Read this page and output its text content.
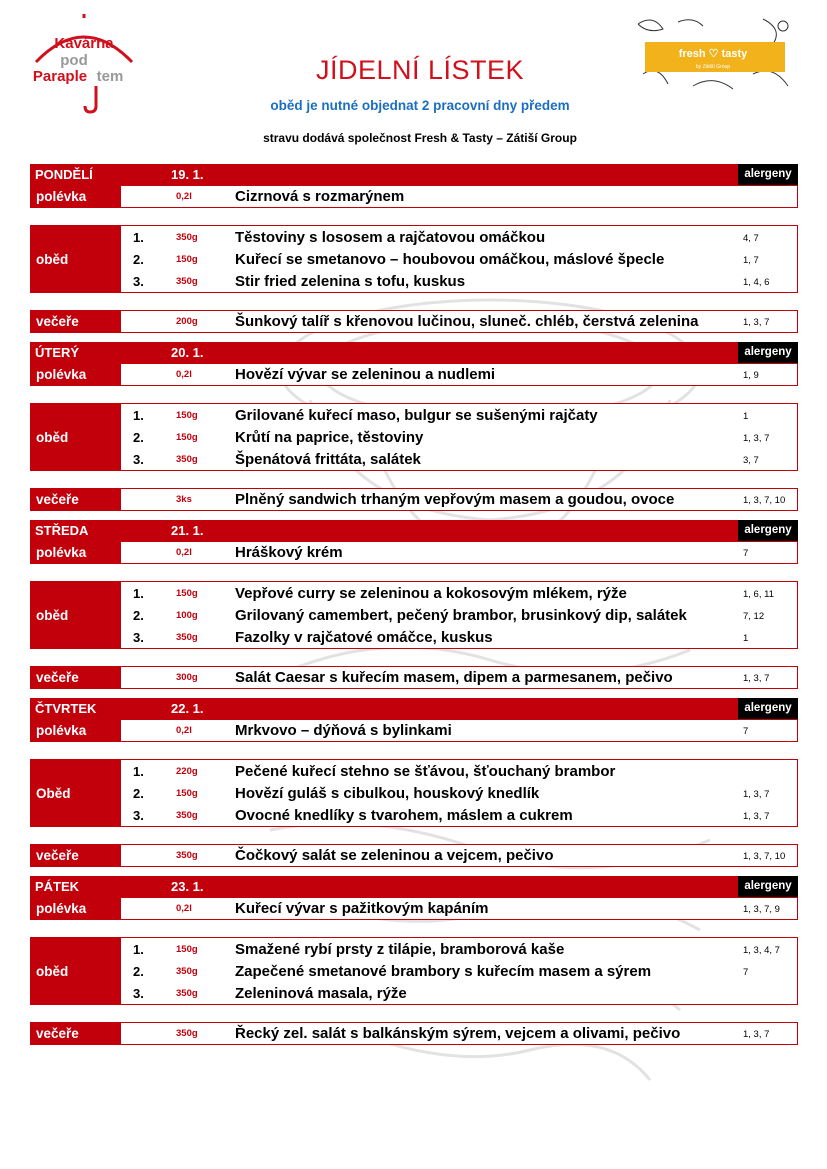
Kavárna
pod
Paraple tem
fresh ♡ tasty
by Zátiší Group
JÍDELNÍ LÍSTEK
oběd je nutné objednat 2 pracovní dny předem
stravu dodává společnost Fresh & Tasty – Zátiší Group
PONDĚLÍ	19. 1.	alergeny
polévka	0,2l	Cizrnová s rozmarýnem
oběd
1.	350g Těstoviny s lososem a rajčatovou omáčkou	4, 7
2.	150g Kuřecí se smetanovo – houbovou omáčkou, máslové špecle	1, 7
3.	350g Stir fried zelenina s tofu, kuskus	1, 4, 6
večeře	200g Šunkový talíř s křenovou lučinou, sluneč. chléb, čerstvá zelenina	1, 3, 7
ÚTERÝ	20. 1.	alergeny
polévka	0,2l	Hovězí vývar se zeleninou a nudlemi	1, 9
oběd
1.	150g Grilované kuřecí maso, bulgur se sušenými rajčaty	1
2.	150g Krůtí na paprice, těstoviny	1, 3, 7
3.	350g Špenátová frittáta, salátek	3, 7
večeře	3ks	Plněný sandwich trhaným vepřovým masem a goudou, ovoce	1, 3, 7, 10
STŘEDA	21. 1.	alergeny
polévka	0,2l	Hráškový krém	7
oběd
1.	150g Vepřové curry se zeleninou a kokosovým mlékem, rýže	1, 6, 11
2.	100g Grilovaný camembert, pečený brambor, brusinkový dip, salátek	7, 12
3.	350g Fazolky v rajčatové omáčce, kuskus	1
večeře	300g Salát Caesar s kuřecím masem, dipem a parmesanem, pečivo	1, 3, 7
ČTVRTEK	22. 1.	alergeny
polévka	0,2l	Mrkvovo – dýňová s bylinkami	7
Oběd
1.	220g Pečené kuřecí stehno se šťávou, šťouchaný brambor
2.	150g Hovězí guláš s cibulkou, houskový knedlík	1, 3, 7
3.	350g Ovocné knedlíky s tvarohem, máslem a cukrem	1, 3, 7
večeře	350g Čočkový salát se zeleninou a vejcem, pečivo	1, 3, 7, 10
PÁTEK	23. 1.	alergeny
polévka	0,2l	Kuřecí vývar s pažitkovým kapáním	1, 3, 7, 9
oběd
1.	150g Smažené rybí prsty z tilápie, bramborová kaše	1, 3, 4, 7
2.	350g Zapečené smetanové brambory s kuřecím masem a sýrem	7
3.	350g Zeleninová masala, rýže
večeře	350g Řecký zel. salát s balkánským sýrem, vejcem a olivami, pečivo	1, 3, 7
